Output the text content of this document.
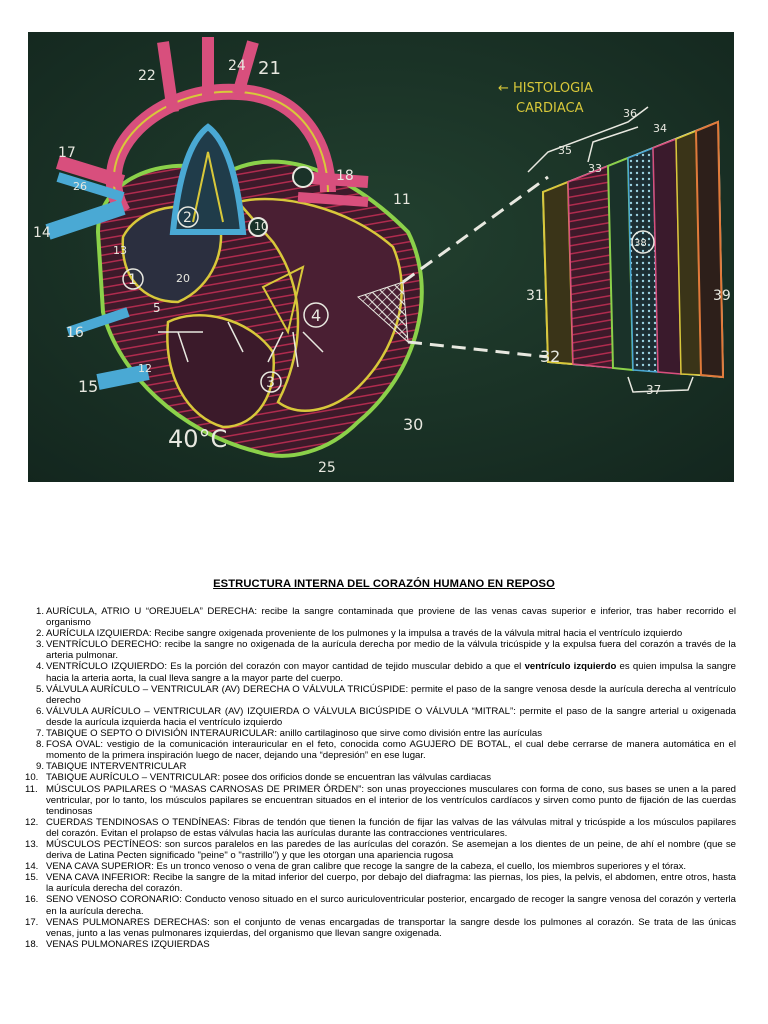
← HISTOLOGIA
CARDIACA
40°C
22
24 21
17
18
26
14
11
16
15
12
10
5
13
20
30
25
35
36
33
34
38
31	39
32
37
1
2
3
4
ESTRUCTURA INTERNA DEL CORAZÓN HUMANO EN REPOSO
1. AURÍCULA, ATRIO U “OREJUELA” DERECHA: recibe la sangre contaminada que proviene de las venas cavas superior e inferior, tras haber recorrido el organismo
2. AURÍCULA IZQUIERDA: Recibe sangre oxigenada proveniente de los pulmones y la impulsa a través de la válvula mitral hacia el ventrículo izquierdo
3. VENTRÍCULO DERECHO: recibe la sangre no oxigenada de la aurícula derecha por medio de la válvula tricúspide y la expulsa fuera del corazón a través de la arteria pulmonar.
4. VENTRÍCULO IZQUIERDO: Es la porción del corazón con mayor cantidad de tejido muscular debido a que el ventrículo izquierdo es quien impulsa la sangre hacia la arteria aorta, la cual lleva sangre a la mayor parte del cuerpo.
5. VÁLVULA AURÍCULO – VENTRICULAR (AV) DERECHA O VÁLVULA TRICÚSPIDE: permite el paso de la sangre venosa desde la aurícula derecha al ventrículo derecho
6. VÁLVULA AURÍCULO – VENTRICULAR (AV) IZQUIERDA O VÁLVULA BICÚSPIDE O VÁLVULA “MITRAL”: permite el paso de la sangre arterial u oxigenada desde la aurícula izquierda hacia el ventrículo izquierdo
7. TABIQUE O SEPTO O DIVISIÓN INTERAURICULAR: anillo cartilaginoso que sirve como división entre las aurículas
8. FOSA OVAL: vestigio de la comunicación interauricular en el feto, conocida como AGUJERO DE BOTAL, el cual debe cerrarse de manera automática en el momento de la primera inspiración luego de nacer, dejando una “depresión” en ese lugar.
9. TABIQUE INTERVENTRICULAR
10. TABIQUE AURÍCULO – VENTRICULAR: posee dos orificios donde se encuentran las válvulas cardiacas
11. MÚSCULOS PAPILARES O “MASAS CARNOSAS DE PRIMER ÓRDEN”: son unas proyecciones musculares con forma de cono, sus bases se unen a la pared ventricular, por lo tanto, los músculos papilares se encuentran situados en el interior de los ventrículos cardíacos y sirven como punto de fijación de las cuerdas tendinosas
12. CUERDAS TENDINOSAS O TENDÍNEAS: Fibras de tendón que tienen la función de fijar las valvas de las válvulas mitral y tricúspide a los músculos papilares del corazón. Evitan el prolapso de estas válvulas hacia las aurículas durante las contracciones ventriculares.
13. MÚSCULOS PECTÍNEOS: son surcos paralelos en las paredes de las aurículas del corazón. Se asemejan a los dientes de un peine, de ahí el nombre (que se deriva de Latina Pecten significado "peine" o "rastrillo") y que les otorgan una apariencia rugosa
14. VENA CAVA SUPERIOR: Es un tronco venoso o vena de gran calibre que recoge la sangre de la cabeza, el cuello, los miembros superiores y el tórax.
15. VENA CAVA INFERIOR: Recibe la sangre de la mitad inferior del cuerpo, por debajo del diafragma: las piernas, los pies, la pelvis, el abdomen, entre otros, hasta la aurícula derecha del corazón.
16. SENO VENOSO CORONARIO: Conducto venoso situado en el surco auriculoventricular posterior, encargado de recoger la sangre venosa del corazón y verterla en la aurícula derecha.
17. VENAS PULMONARES DERECHAS: son el conjunto de venas encargadas de transportar la sangre desde los pulmones al corazón. Se trata de las únicas venas, junto a las venas pulmonares izquierdas, del organismo que llevan sangre oxigenada.
18. VENAS PULMONARES IZQUIERDAS
